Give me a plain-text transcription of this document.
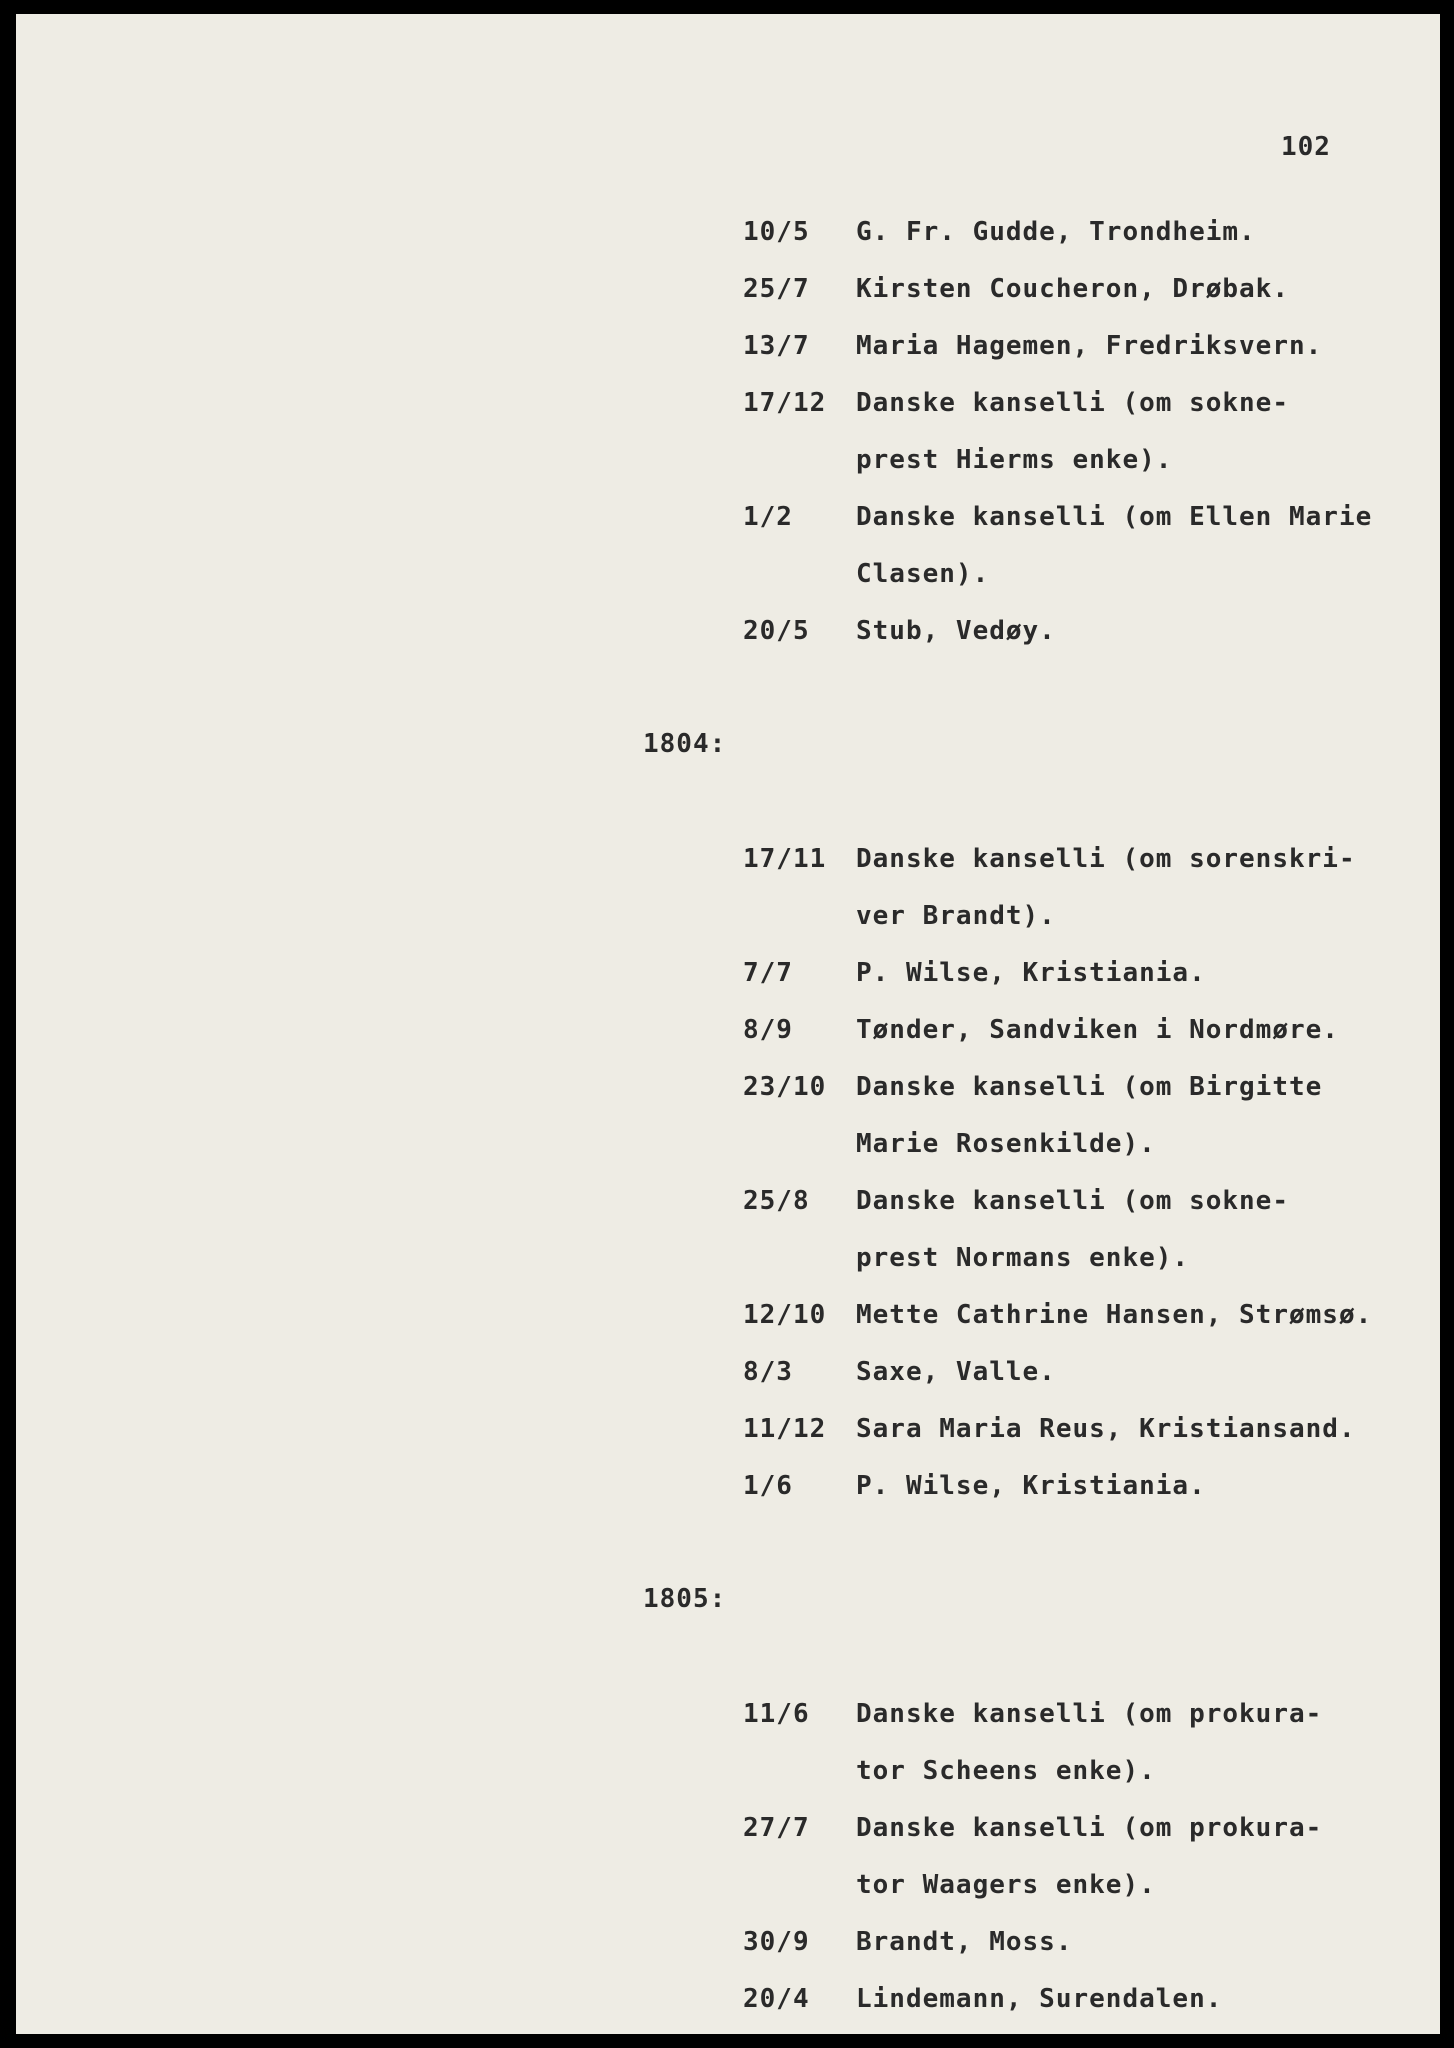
102
10/5 G. Fr. Gudde, Trondheim.
25/7 Kirsten Coucheron, Drøbak.
13/7 Maria Hagemen, Fredriksvern.
17/12 Danske kanselli (om sokne-
prest Hierms enke).
1/2 Danske kanselli (om Ellen Marie
Clasen).
20/5 Stub, Vedøy.
1804:
17/11 Danske kanselli (om sorenskri-
ver Brandt).
7/7 P. Wilse, Kristiania.
8/9 Tønder, Sandviken i Nordmøre.
23/10 Danske kanselli (om Birgitte
Marie Rosenkilde).
25/8 Danske kanselli (om sokne-
prest Normans enke).
12/10 Mette Cathrine Hansen, Strømsø.
8/3 Saxe, Valle.
11/12 Sara Maria Reus, Kristiansand.
1/6 P. Wilse, Kristiania.
1805:
11/6 Danske kanselli (om prokura-
tor Scheens enke).
27/7 Danske kanselli (om prokura-
tor Waagers enke).
30/9 Brandt, Moss.
20/4 Lindemann, Surendalen.
